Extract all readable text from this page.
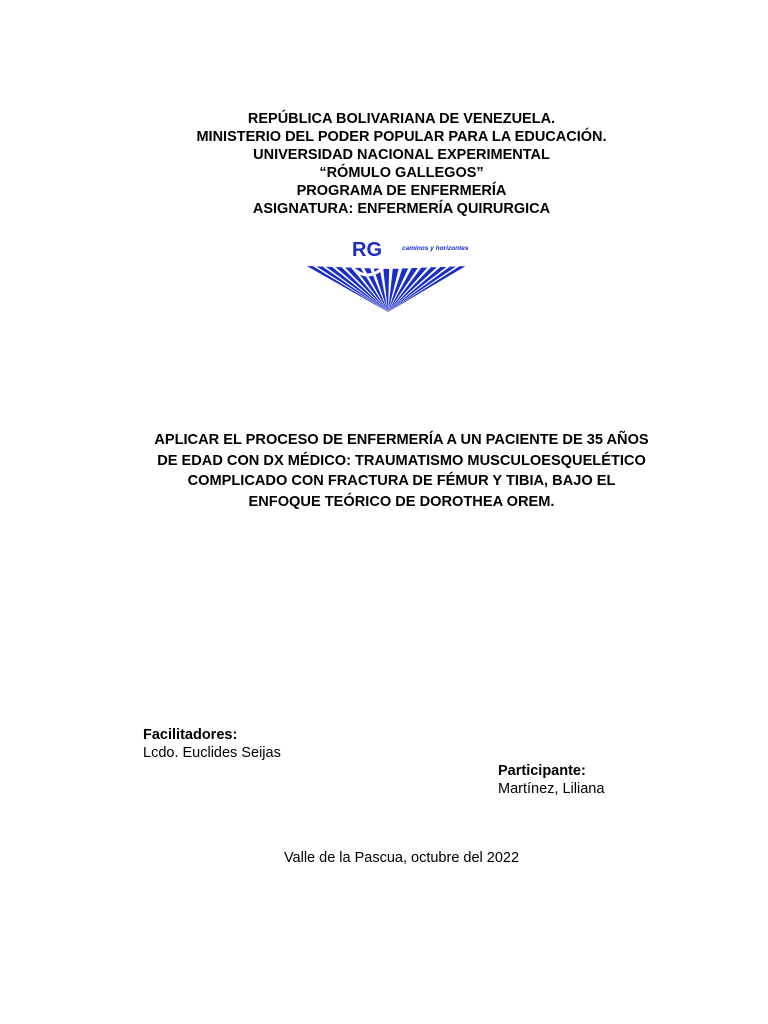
REPÚBLICA BOLIVARIANA DE VENEZUELA.
MINISTERIO DEL PODER POPULAR PARA LA EDUCACIÓN.
UNIVERSIDAD NACIONAL EXPERIMENTAL
“RÓMULO GALLEGOS”
PROGRAMA DE ENFERMERÍA
ASIGNATURA: ENFERMERÍA QUIRURGICA
RG	caminos y horizontes
APLICAR EL PROCESO DE ENFERMERÍA A UN PACIENTE DE 35 AÑOS
DE EDAD CON DX MÉDICO: TRAUMATISMO MUSCULOESQUELÉTICO
COMPLICADO CON FRACTURA DE FÉMUR Y TIBIA, BAJO EL
ENFOQUE TEÓRICO DE DOROTHEA OREM.
Facilitadores:
Lcdo. Euclides Seijas
Participante:
Martínez, Liliana
Valle de la Pascua, octubre del 2022
